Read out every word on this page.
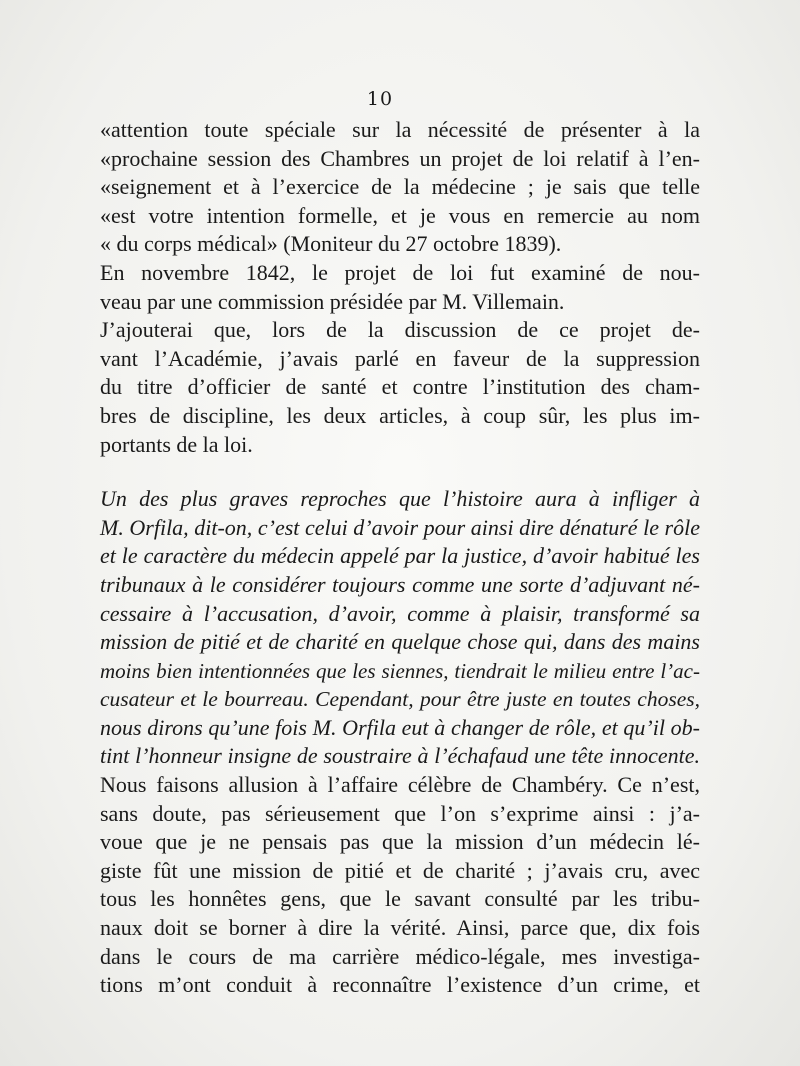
10
«attention toute spéciale sur la nécessité de présenter à la
«prochaine session des Chambres un projet de loi relatif à l’en-
«seignement et à l’exercice de la médecine ; je sais que telle
«est votre intention formelle, et je vous en remercie au nom
« du corps médical» (Moniteur du 27 octobre 1839).
En novembre 1842, le projet de loi fut examiné de nou-
veau par une commission présidée par M. Villemain.
J’ajouterai que, lors de la discussion de ce projet de-
vant l’Académie, j’avais parlé en faveur de la suppression
du titre d’officier de santé et contre l’institution des cham-
bres de discipline, les deux articles, à coup sûr, les plus im-
portants de la loi.
Un des plus graves reproches que l’histoire aura à infliger à
M. Orfila, dit-on, c’est celui d’avoir pour ainsi dire dénaturé le rôle
et le caractère du médecin appelé par la justice, d’avoir habitué les
tribunaux à le considérer toujours comme une sorte d’adjuvant né-
cessaire à l’accusation, d’avoir, comme à plaisir, transformé sa
mission de pitié et de charité en quelque chose qui, dans des mains
moins bien intentionnées que les siennes, tiendrait le milieu entre l’ac-
cusateur et le bourreau. Cependant, pour être juste en toutes choses,
nous dirons qu’une fois M. Orfila eut à changer de rôle, et qu’il ob-
tint l’honneur insigne de soustraire à l’échafaud une tête innocente.
Nous faisons allusion à l’affaire célèbre de Chambéry. Ce n’est,
sans doute, pas sérieusement que l’on s’exprime ainsi : j’a-
voue que je ne pensais pas que la mission d’un médecin lé-
giste fût une mission de pitié et de charité ; j’avais cru, avec
tous les honnêtes gens, que le savant consulté par les tribu-
naux doit se borner à dire la vérité. Ainsi, parce que, dix fois
dans le cours de ma carrière médico-légale, mes investiga-
tions m’ont conduit à reconnaître l’existence d’un crime, et
